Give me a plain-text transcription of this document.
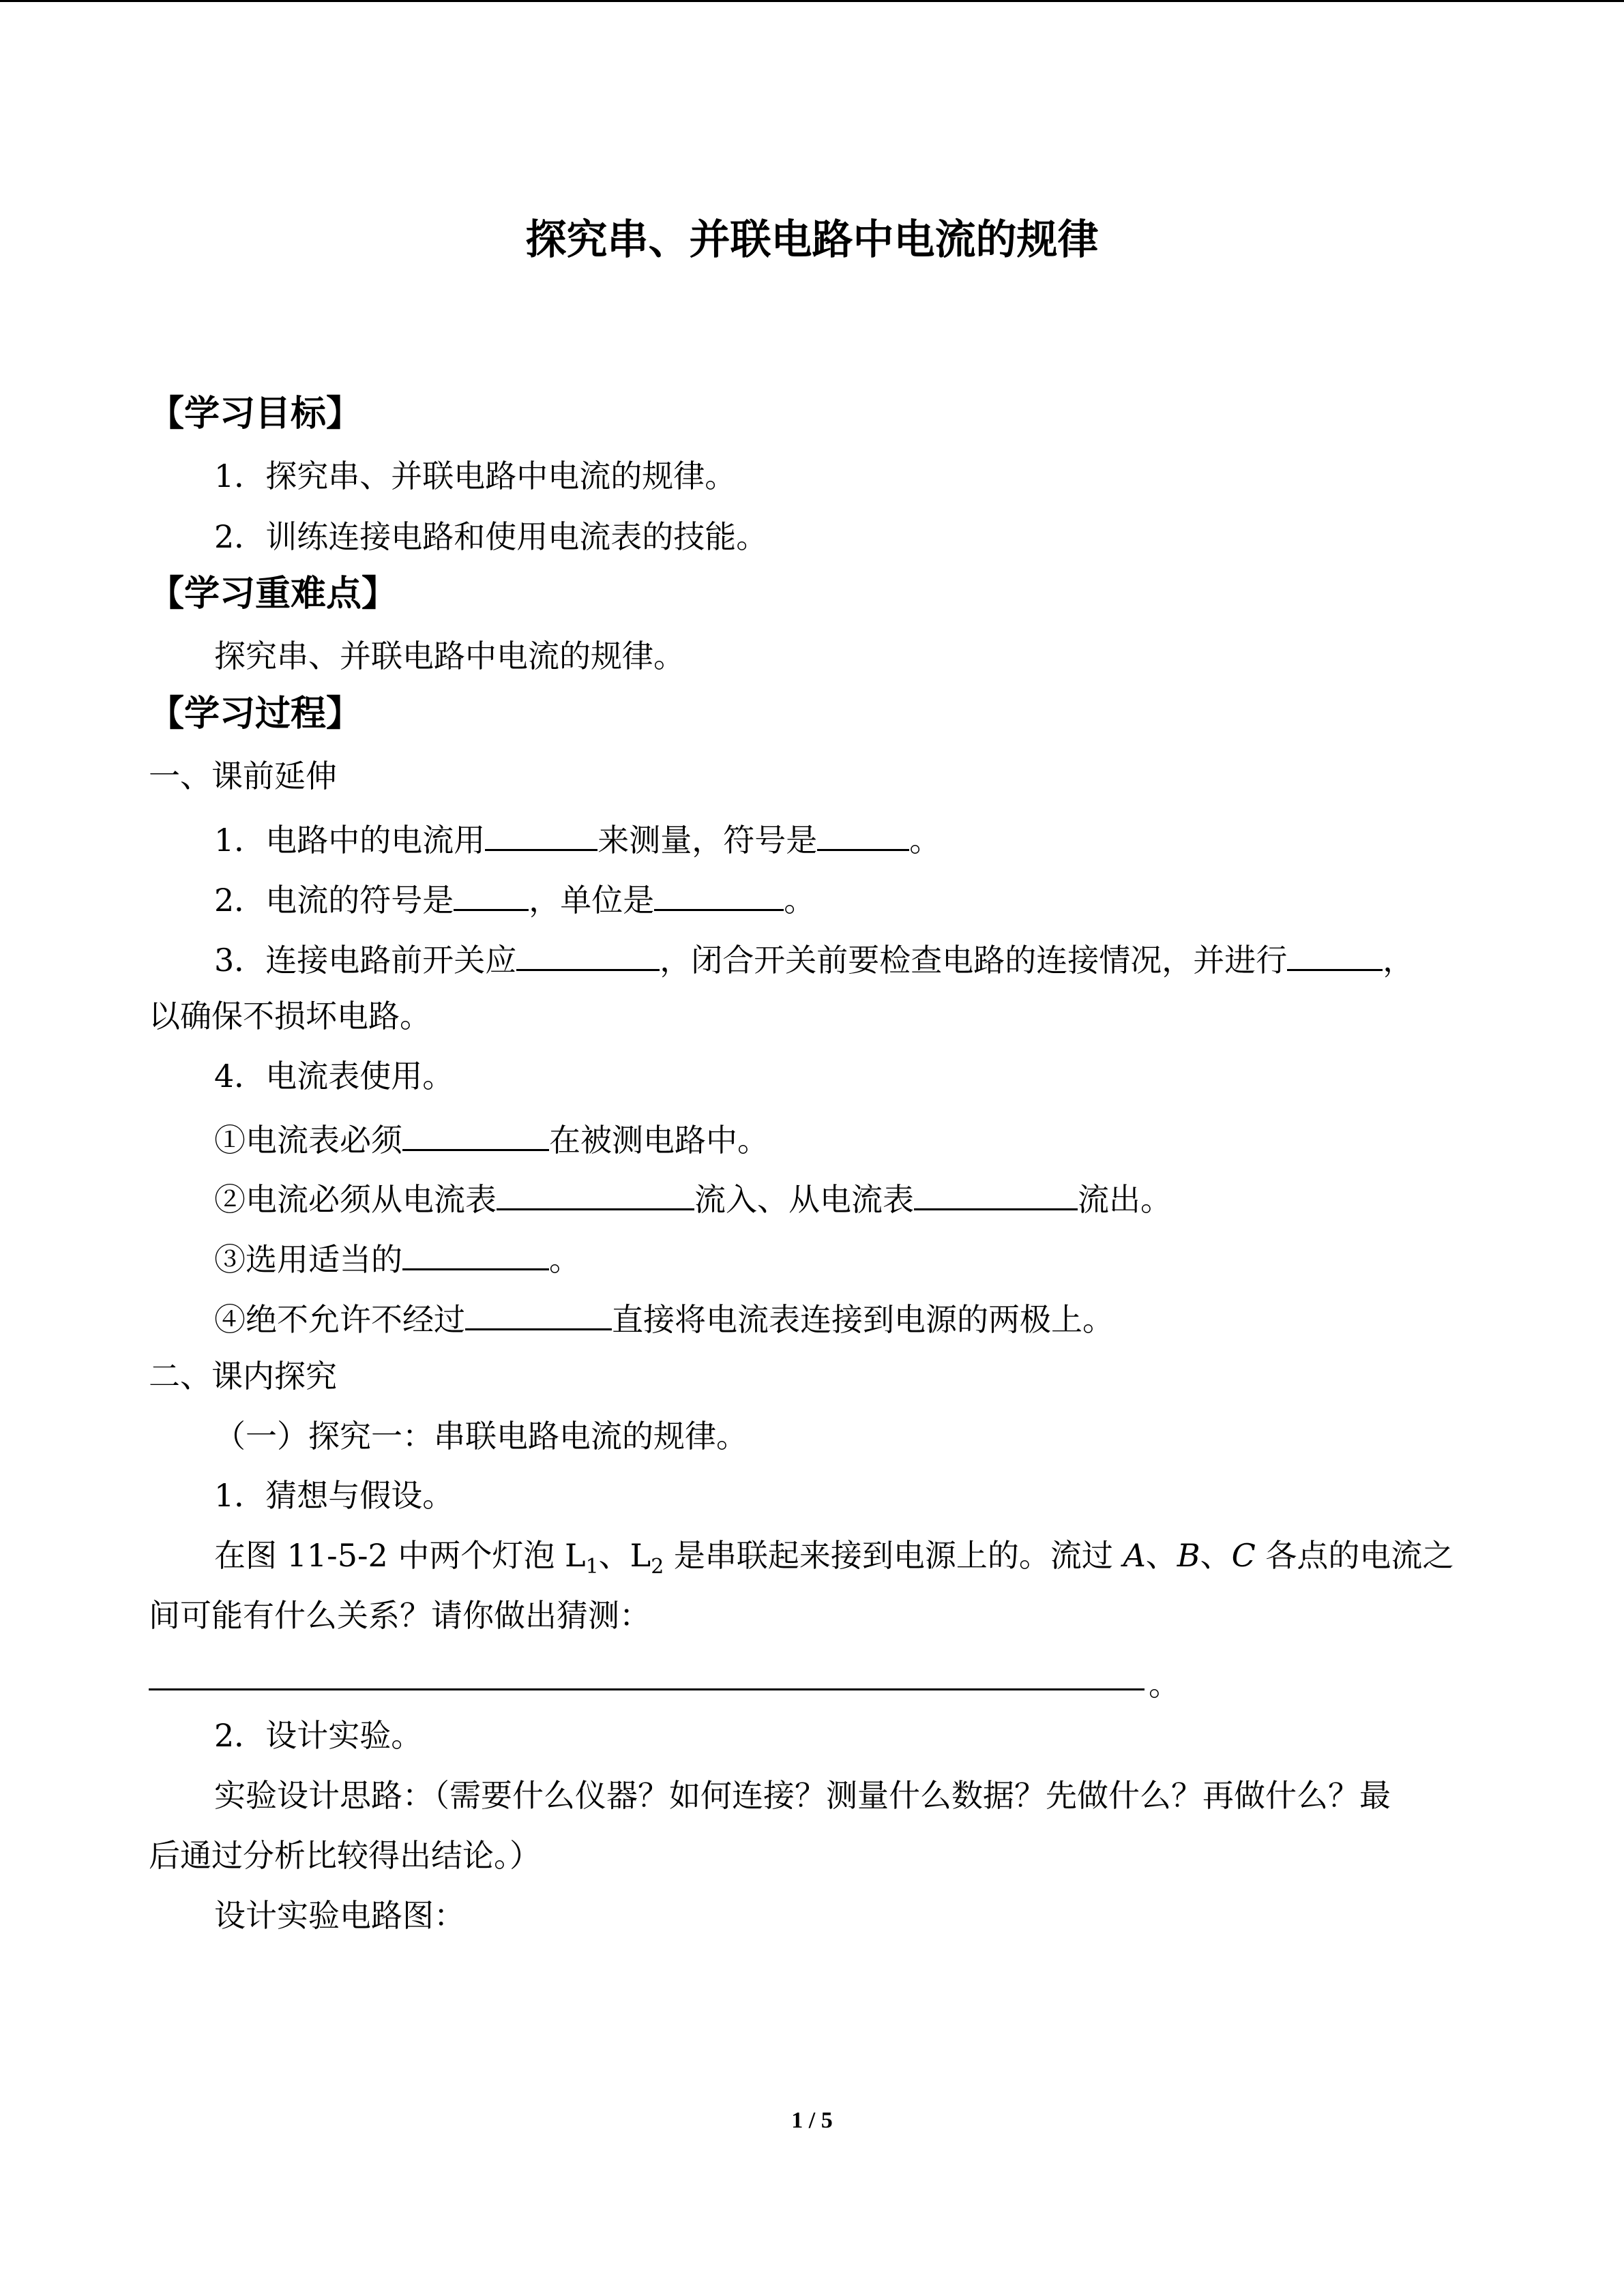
探究串、并联电路中电流的规律
【学习目标】
1．探究串、并联电路中电流的规律。
2．训练连接电路和使用电流表的技能。
【学习重难点】
探究串、并联电路中电流的规律。
【学习过程】
一、课前延伸
1．电路中的电流用	来测量，符号是	。
2．电流的符号是 ，单位是	。
3．连接电路前开关应	，闭合开关前要检查电路的连接情况，并进行	，
以确保不损坏电路。
4．电流表使用。
①电流表必须	在被测电路中。
②电流必须从电流表	流入、从电流表	流出。
③选用适当的	。
④绝不允许不经过	直接将电流表连接到电源的两极上。
二、课内探究
（一）探究一：串联电路电流的规律。
1．猜想与假设。
在图 11-5-2 中两个灯泡 $L_1$、$L_2$ 是串联起来接到电源上的。流过 A、B、C 各点的电流之
间可能有什么关系？请你做出猜测：
。
2．设计实验。
实验设计思路：（需要什么仪器？如何连接？测量什么数据？先做什么？再做什么？最
后通过分析比较得出结论。）
设计实验电路图：
1 / 5
